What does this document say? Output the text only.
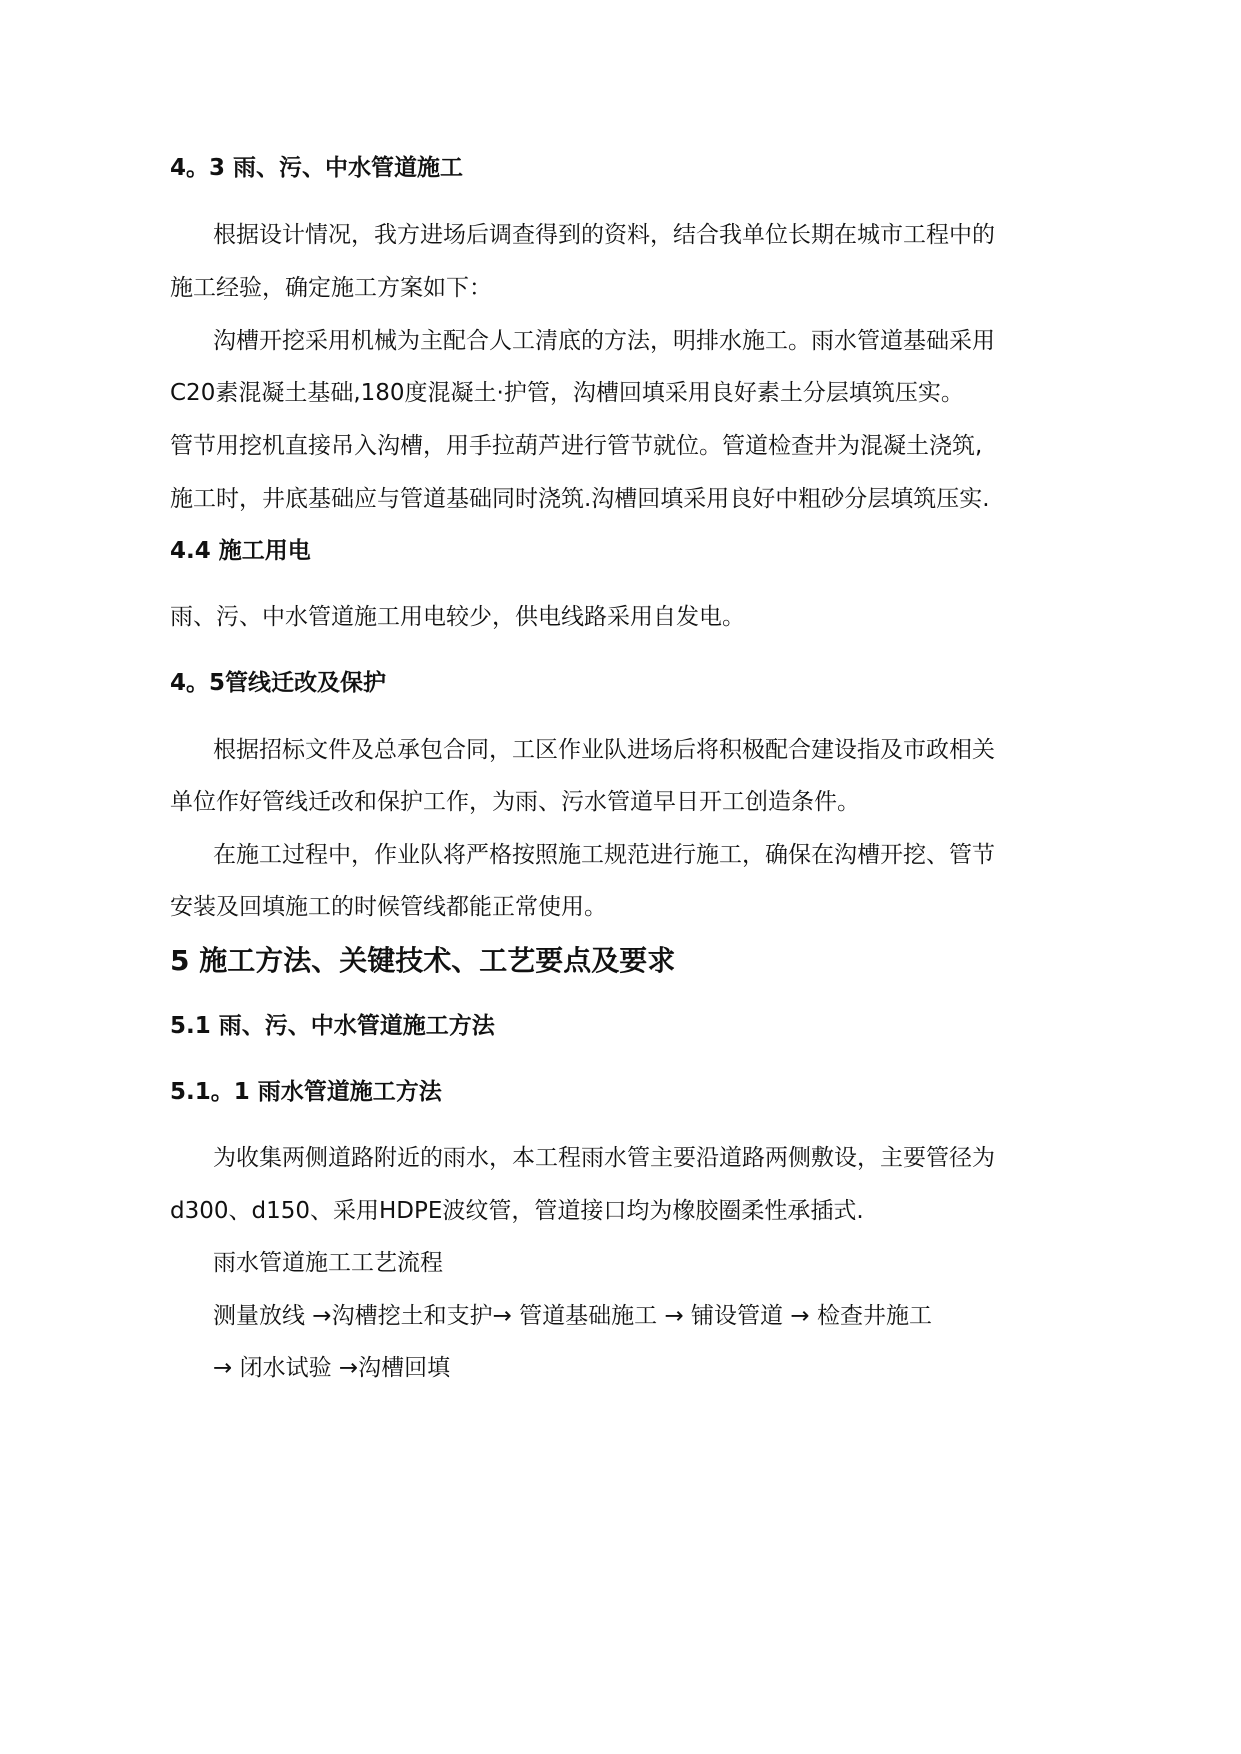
4。3 雨、污、中水管道施工

根据设计情况，我方进场后调查得到的资料，结合我单位长期在城市工程中的

施工经验，确定施工方案如下：

沟槽开挖采用机械为主配合人工清底的方法，明排水施工。雨水管道基础采用

C20素混凝土基础,180度混凝土·护管，沟槽回填采用良好素土分层填筑压实。

管节用挖机直接吊入沟槽，用手拉葫芦进行管节就位。管道检查井为混凝土浇筑,

施工时，井底基础应与管道基础同时浇筑.沟槽回填采用良好中粗砂分层填筑压实.

4.4 施工用电

雨、污、中水管道施工用电较少，供电线路采用自发电。

4。5管线迁改及保护

根据招标文件及总承包合同，工区作业队进场后将积极配合建设指及市政相关

单位作好管线迁改和保护工作，为雨、污水管道早日开工创造条件。

在施工过程中，作业队将严格按照施工规范进行施工，确保在沟槽开挖、管节

安装及回填施工的时候管线都能正常使用。

5 施工方法、关键技术、工艺要点及要求

5.1 雨、污、中水管道施工方法

5.1。1 雨水管道施工方法

为收集两侧道路附近的雨水，本工程雨水管主要沿道路两侧敷设，主要管径为

d300、d150、采用HDPE波纹管，管道接口均为橡胶圈柔性承插式.

雨水管道施工工艺流程

测量放线 →沟槽挖土和支护→ 管道基础施工 → 铺设管道 → 检查井施工

→ 闭水试验 →沟槽回填
